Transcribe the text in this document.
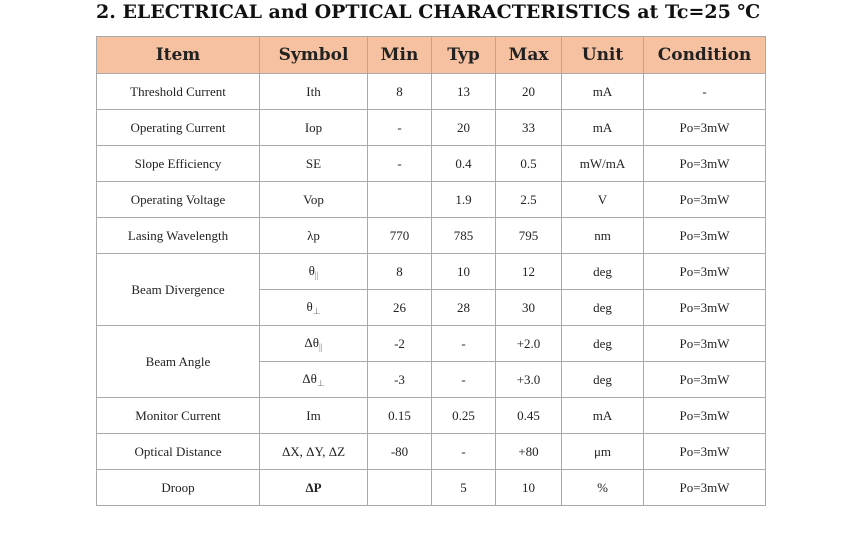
2. ELECTRICAL and OPTICAL CHARACTERISTICS at Tc=25 ℃
Item	Symbol	Min	Typ	Max	Unit	Condition
Threshold Current	Ith	8	13	20	mA	-
Operating Current	Iop	-	20	33	mA	Po=3mW
Slope Efficiency	SE	-	0.4	0.5	mW/mA	Po=3mW
Operating Voltage	Vop		1.9	2.5	V	Po=3mW
Lasing Wavelength	λp	770	785	795	nm	Po=3mW
Beam Divergence	$\theta_{||}$	8	10	12	deg	Po=3mW
	$\theta_\perp$	26	28	30	deg	Po=3mW
Beam Angle	$\Delta\theta_{||}$	-2	-	+2.0	deg	Po=3mW
	$\Delta\theta_\perp$	-3	-	+3.0	deg	Po=3mW
Monitor Current	Im	0.15	0.25	0.45	mA	Po=3mW
Optical Distance	ΔX, ΔY, ΔZ	-80	-	+80	μm	Po=3mW
Droop	ΔP		5	10	%	Po=3mW
